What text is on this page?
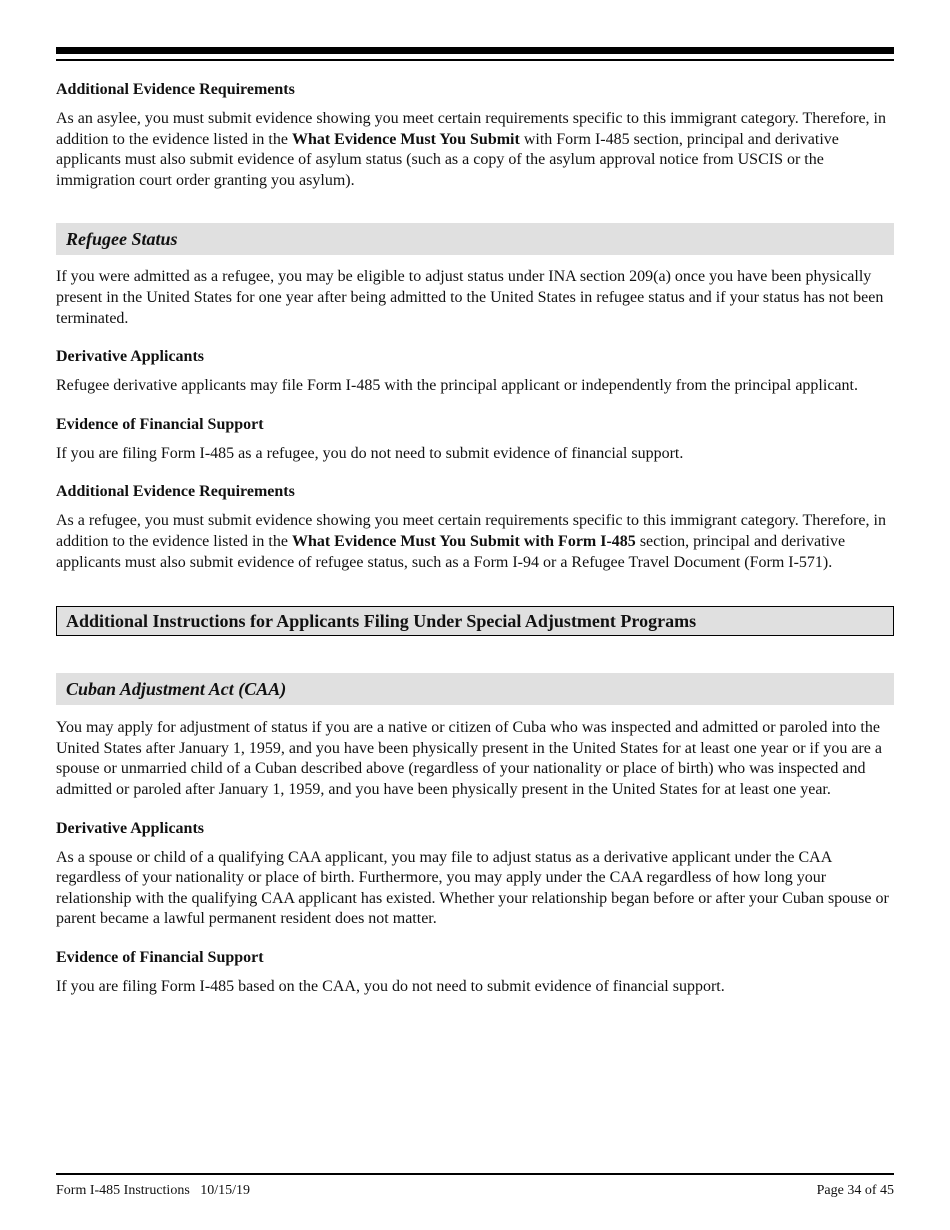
Additional Evidence Requirements

As an asylee, you must submit evidence showing you meet certain requirements specific to this immigrant category. Therefore, in addition to the evidence listed in the What Evidence Must You Submit with Form I-485 section, principal and derivative applicants must also submit evidence of asylum status (such as a copy of the asylum approval notice from USCIS or the immigration court order granting you asylum).

Refugee Status

If you were admitted as a refugee, you may be eligible to adjust status under INA section 209(a) once you have been physically present in the United States for one year after being admitted to the United States in refugee status and if your status has not been terminated.

Derivative Applicants

Refugee derivative applicants may file Form I-485 with the principal applicant or independently from the principal applicant.

Evidence of Financial Support

If you are filing Form I-485 as a refugee, you do not need to submit evidence of financial support.

Additional Evidence Requirements

As a refugee, you must submit evidence showing you meet certain requirements specific to this immigrant category. Therefore, in addition to the evidence listed in the What Evidence Must You Submit with Form I-485 section, principal and derivative applicants must also submit evidence of refugee status, such as a Form I-94 or a Refugee Travel Document (Form I-571).

Additional Instructions for Applicants Filing Under Special Adjustment Programs
Cuban Adjustment Act (CAA)

You may apply for adjustment of status if you are a native or citizen of Cuba who was inspected and admitted or paroled into the United States after January 1, 1959, and you have been physically present in the United States for at least one year or if you are a spouse or unmarried child of a Cuban described above (regardless of your nationality or place of birth) who was inspected and admitted or paroled after January 1, 1959, and you have been physically present in the United States for at least one year.

Derivative Applicants

As a spouse or child of a qualifying CAA applicant, you may file to adjust status as a derivative applicant under the CAA regardless of your nationality or place of birth. Furthermore, you may apply under the CAA regardless of how long your relationship with the qualifying CAA applicant has existed. Whether your relationship began before or after your Cuban spouse or parent became a lawful permanent resident does not matter.

Evidence of Financial Support

If you are filing Form I-485 based on the CAA, you do not need to submit evidence of financial support.

Form I-485 Instructions   10/15/19	Page 34 of 45
